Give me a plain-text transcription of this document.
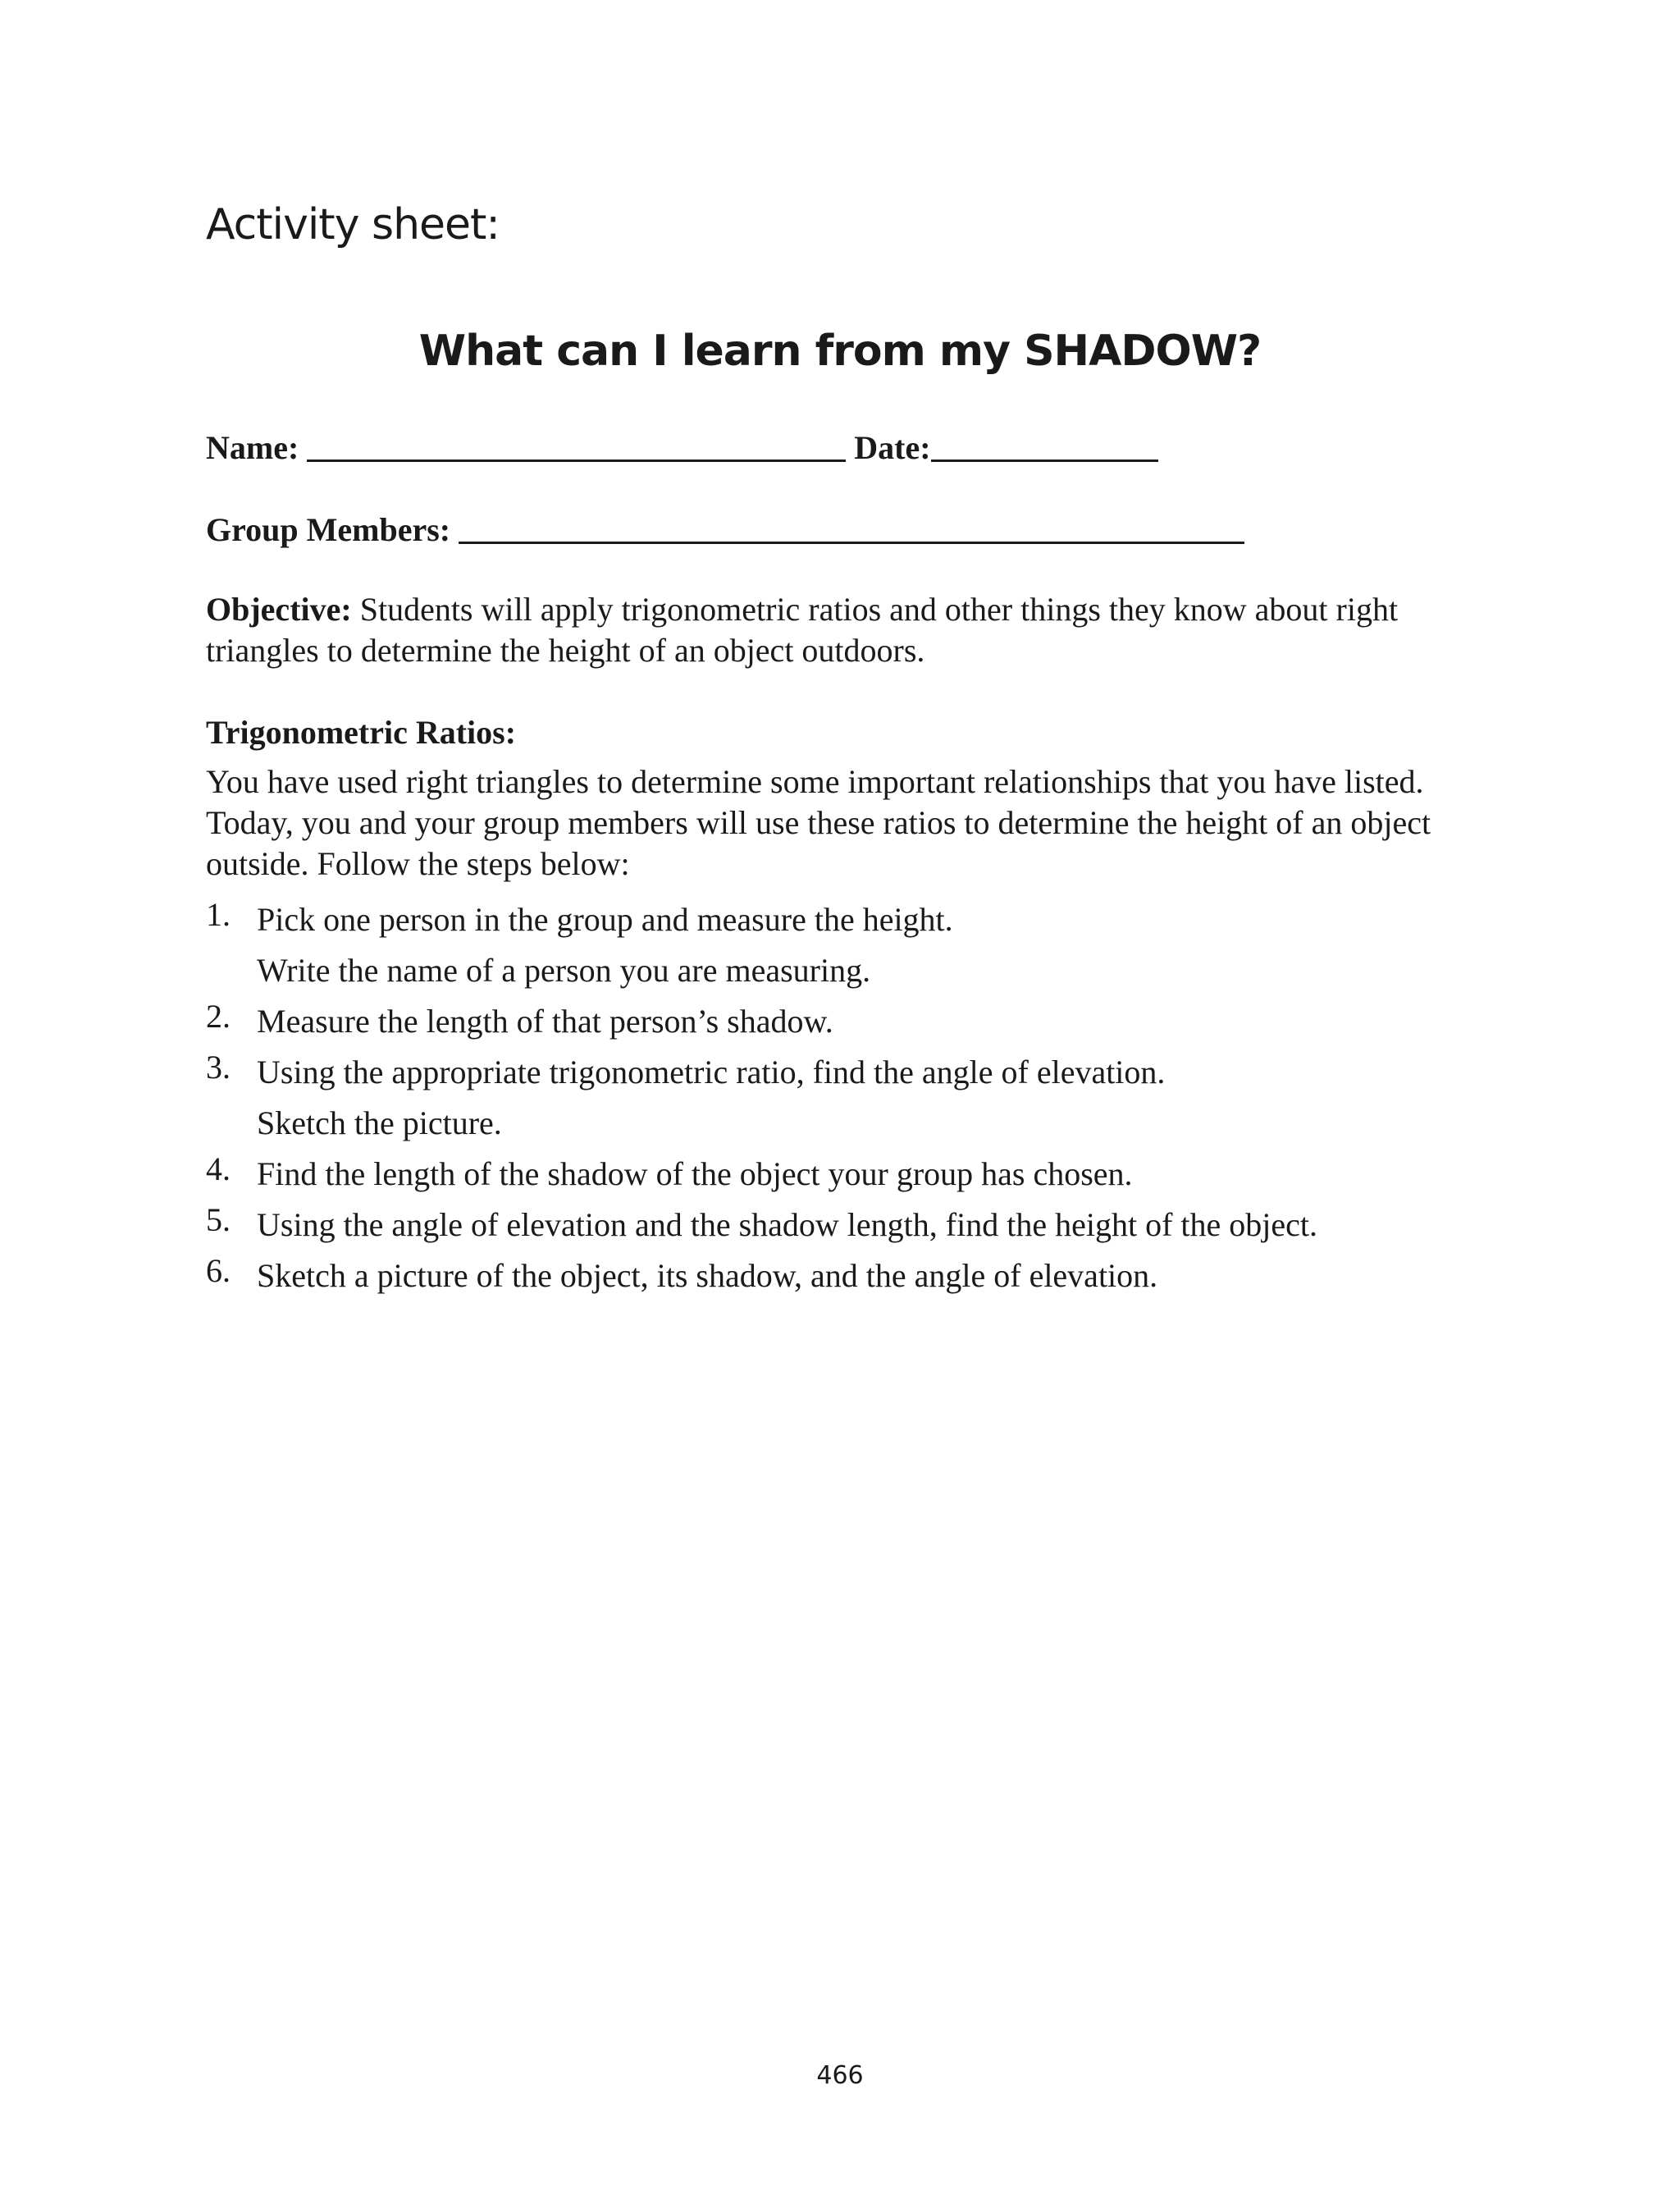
Activity sheet:
What can I learn from my SHADOW?
Name:	Date:
Group Members:

Objective: Students will apply trigonometric ratios and other things they know about right triangles to determine the height of an object outdoors.

Trigonometric Ratios:

You have used right triangles to determine some important relationships that you have listed. Today, you and your group members will use these ratios to determine the height of an object outside. Follow the steps below:

1. Pick one person in the group and measure the height.
Write the name of a person you are measuring.
2. Measure the length of that person’s shadow.
3. Using the appropriate trigonometric ratio, find the angle of elevation.
Sketch the picture.
4. Find the length of the shadow of the object your group has chosen.
5. Using the angle of elevation and the shadow length, find the height of the object.
6. Sketch a picture of the object, its shadow, and the angle of elevation.

466
